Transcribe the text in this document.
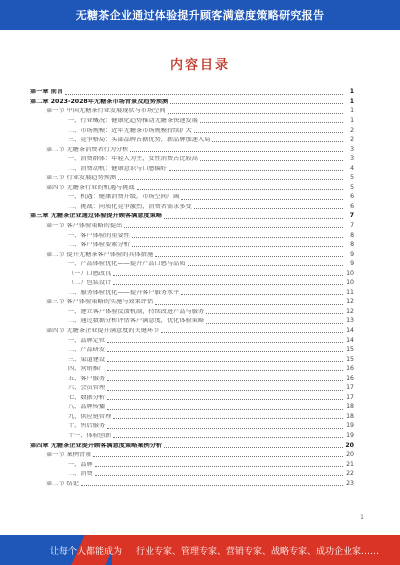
无糖茶企业通过体验提升顾客满意度策略研究报告
内容目录
第一章 前言	1
第二章 2023-2028年无糖茶市场背景及趋势预测	1
第一节 中国无糖茶行业发展现状与市场空间	1
一、行业概况：健康化趋势推动无糖茶快速发展	1
二、市场规模：近年无糖茶市场规模持续扩大	2
三、竞争格局：头部品牌占据优势，新品牌加速入局	2
第二节 无糖茶消费者行为分析	3
一、消费群体：年轻人为主，女性消费占比较高	3
二、消费动机：健康意识与口感偏好	4
第三节 行业发展趋势预测	5
第四节 无糖茶行业的机遇与挑战	5
一、机遇：健康消费升级，市场空间广阔	6
二、挑战：同质化竞争激烈，消费者需求多变	6
第三章 无糖茶企业通过体验提升顾客满意度策略	7
第一节 客户体验策略的提出	7
一、客户体验的重要性	8
二、客户体验要素分析	8
第二节 提升无糖茶客户体验的具体措施	9
一、产品体验优化——提升产品口感与品质	9
（一）口感改良	10
（二）包装设计	10
二、服务体验优化——提升客户服务水平	11
第三节 客户体验策略的实施与效果评估	12
一、建立客户体验反馈机制，持续改进产品与服务	12
二、通过数据分析评估客户满意度，优化体验策略	13
第四节 无糖茶企业提升满意度的关键环节	14
一、品牌定位	14
二、产品研发	15
三、渠道建设	15
四、营销推广	16
五、客户服务	16
六、会员管理	17
七、数据分析	17
八、品牌传播	18
九、供应链管理	18
十、售后服务	19
十一、体验创新	19
第四章 无糖茶企业提升顾客满意度策略案例分析	20
第一节 案例背景	20
一、品牌	21
二、消费	22
第二节 结论	23
1
让每个人都能成为 行业专家、管理专家、营销专家、战略专家、成功企业家……
